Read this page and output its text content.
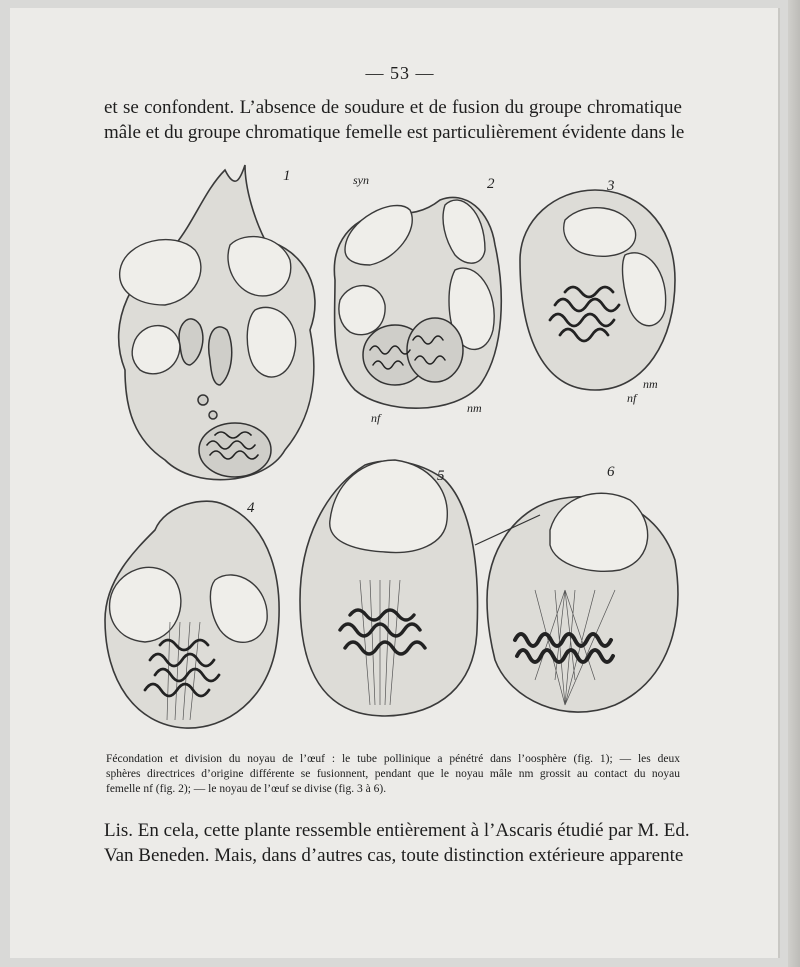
— 53 —
et se confondent. L’absence de soudure et de fusion du groupe chromatique
mâle et du groupe chromatique femelle est particulièrement évidente dans le
1	2
syn
nm
nf
3
nm
nf
4
5	6
Fécondation et division du noyau de l’œuf : le tube pollinique a pénétré dans l’oosphère (fig. 1); — les deux
sphères directrices d’origine différente se fusionnent, pendant que le noyau mâle nm grossit au contact du noyau
femelle nf (fig. 2); — le noyau de l’œuf se divise (fig. 3 à 6).
Lis. En cela, cette plante ressemble entièrement à l’Ascaris étudié par M. Ed.
Van Beneden. Mais, dans d’autres cas, toute distinction extérieure apparente
